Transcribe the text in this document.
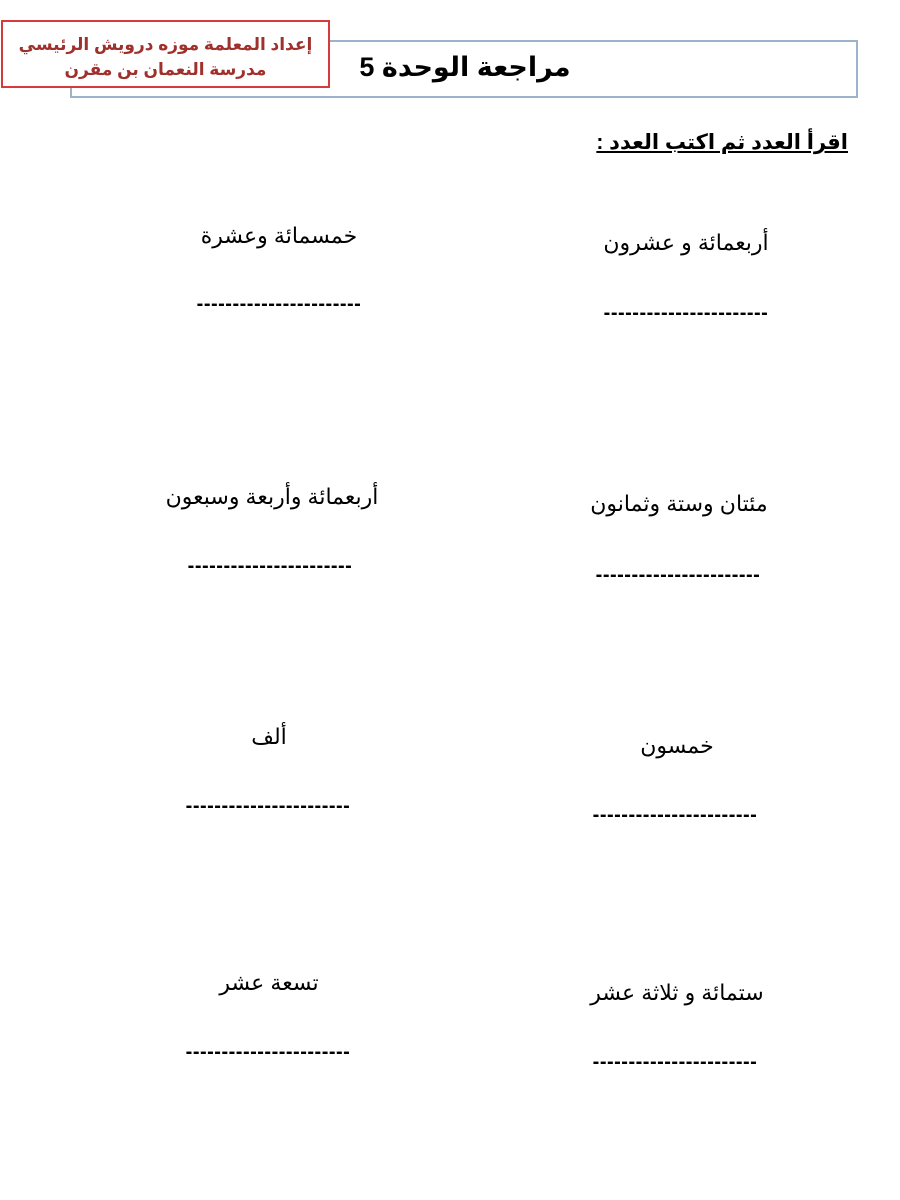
مراجعة الوحدة 5
إعداد المعلمة موزه درويش الرئيسي
مدرسة النعمان بن مقرن
اقرأ العدد ثم اكتب العدد :
أربعمائة و عشرون
-----------------------
خمسمائة وعشرة
-----------------------
مئتان وستة وثمانون
-----------------------
أربعمائة وأربعة وسبعون
-----------------------
خمسون
-----------------------
ألف
-----------------------
ستمائة و ثلاثة عشر
-----------------------
تسعة عشر
-----------------------
